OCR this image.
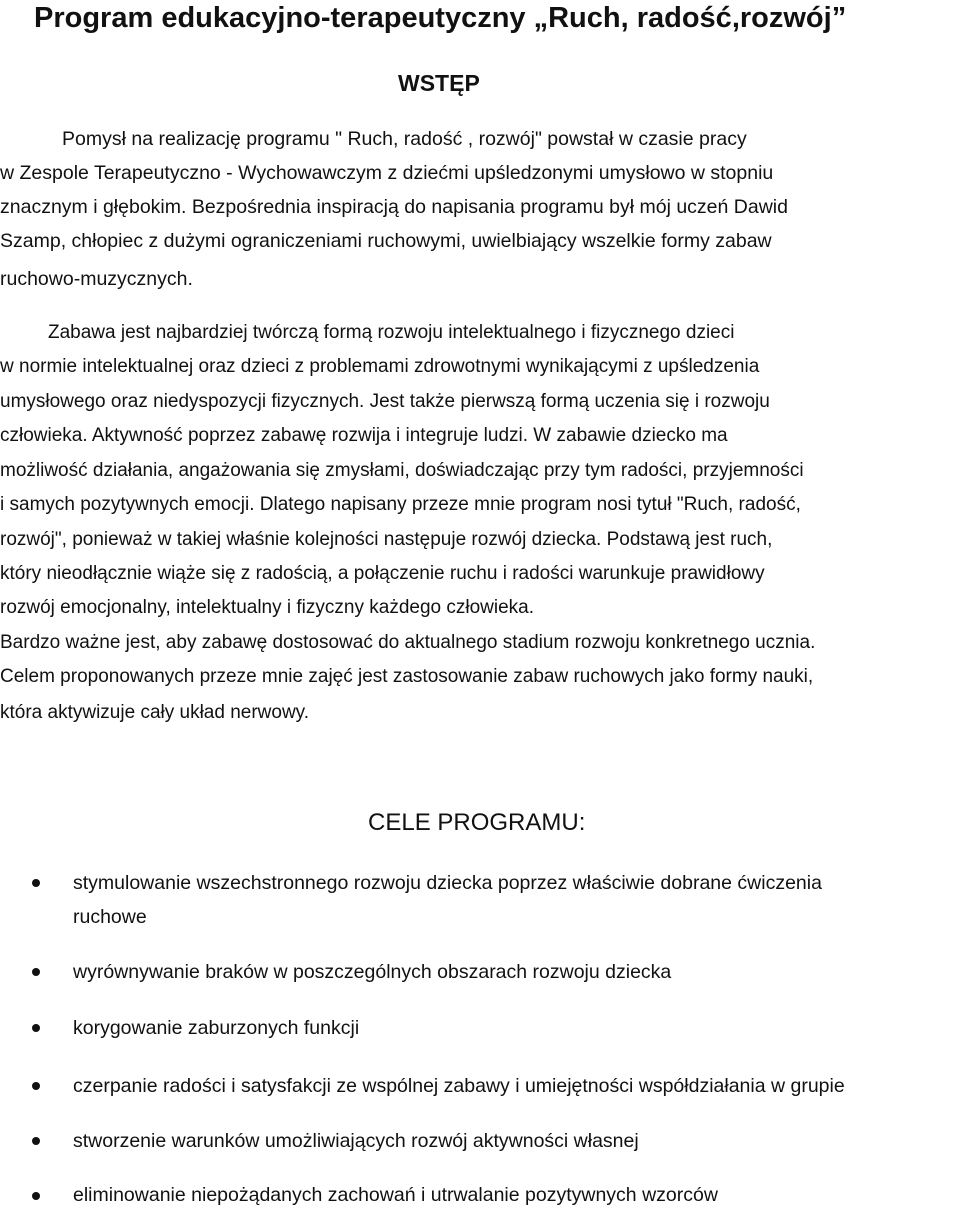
Program edukacyjno-terapeutyczny „Ruch, radość,rozwój”
WSTĘP
Pomysł na realizację programu " Ruch, radość , rozwój" powstał w czasie pracy
w Zespole Terapeutyczno - Wychowawczym z dziećmi upśledzonymi umysłowo w stopniu
znacznym i głębokim. Bezpośrednia inspiracją do napisania programu był mój uczeń Dawid
Szamp, chłopiec z dużymi ograniczeniami ruchowymi, uwielbiający wszelkie formy zabaw
ruchowo-muzycznych.
Zabawa jest najbardziej twórczą formą rozwoju intelektualnego i fizycznego dzieci
w normie intelektualnej oraz dzieci z problemami zdrowotnymi wynikającymi z upśledzenia
umysłowego oraz niedyspozycji fizycznych. Jest także pierwszą formą uczenia się i rozwoju
człowieka. Aktywność poprzez zabawę rozwija i integruje ludzi. W zabawie dziecko ma
możliwość działania, angażowania się zmysłami, doświadczając przy tym radości, przyjemności
i samych pozytywnych emocji. Dlatego napisany przeze mnie program nosi tytuł "Ruch, radość,
rozwój", ponieważ w takiej właśnie kolejności następuje rozwój dziecka. Podstawą jest ruch,
który nieodłącznie wiąże się z radością, a połączenie ruchu i radości warunkuje prawidłowy
rozwój emocjonalny, intelektualny i fizyczny każdego człowieka.
Bardzo ważne jest, aby zabawę dostosować do aktualnego stadium rozwoju konkretnego ucznia.
Celem proponowanych przeze mnie zajęć jest zastosowanie zabaw ruchowych jako formy nauki,
która aktywizuje cały układ nerwowy.
CELE PROGRAMU:
stymulowanie wszechstronnego rozwoju dziecka poprzez właściwie dobrane ćwiczenia
ruchowe
wyrównywanie braków w poszczególnych obszarach rozwoju dziecka
korygowanie zaburzonych funkcji
czerpanie radości i satysfakcji ze wspólnej zabawy i umiejętności współdziałania w grupie
stworzenie warunków umożliwiających rozwój aktywności własnej
eliminowanie niepożądanych zachowań i utrwalanie pozytywnych wzorców
